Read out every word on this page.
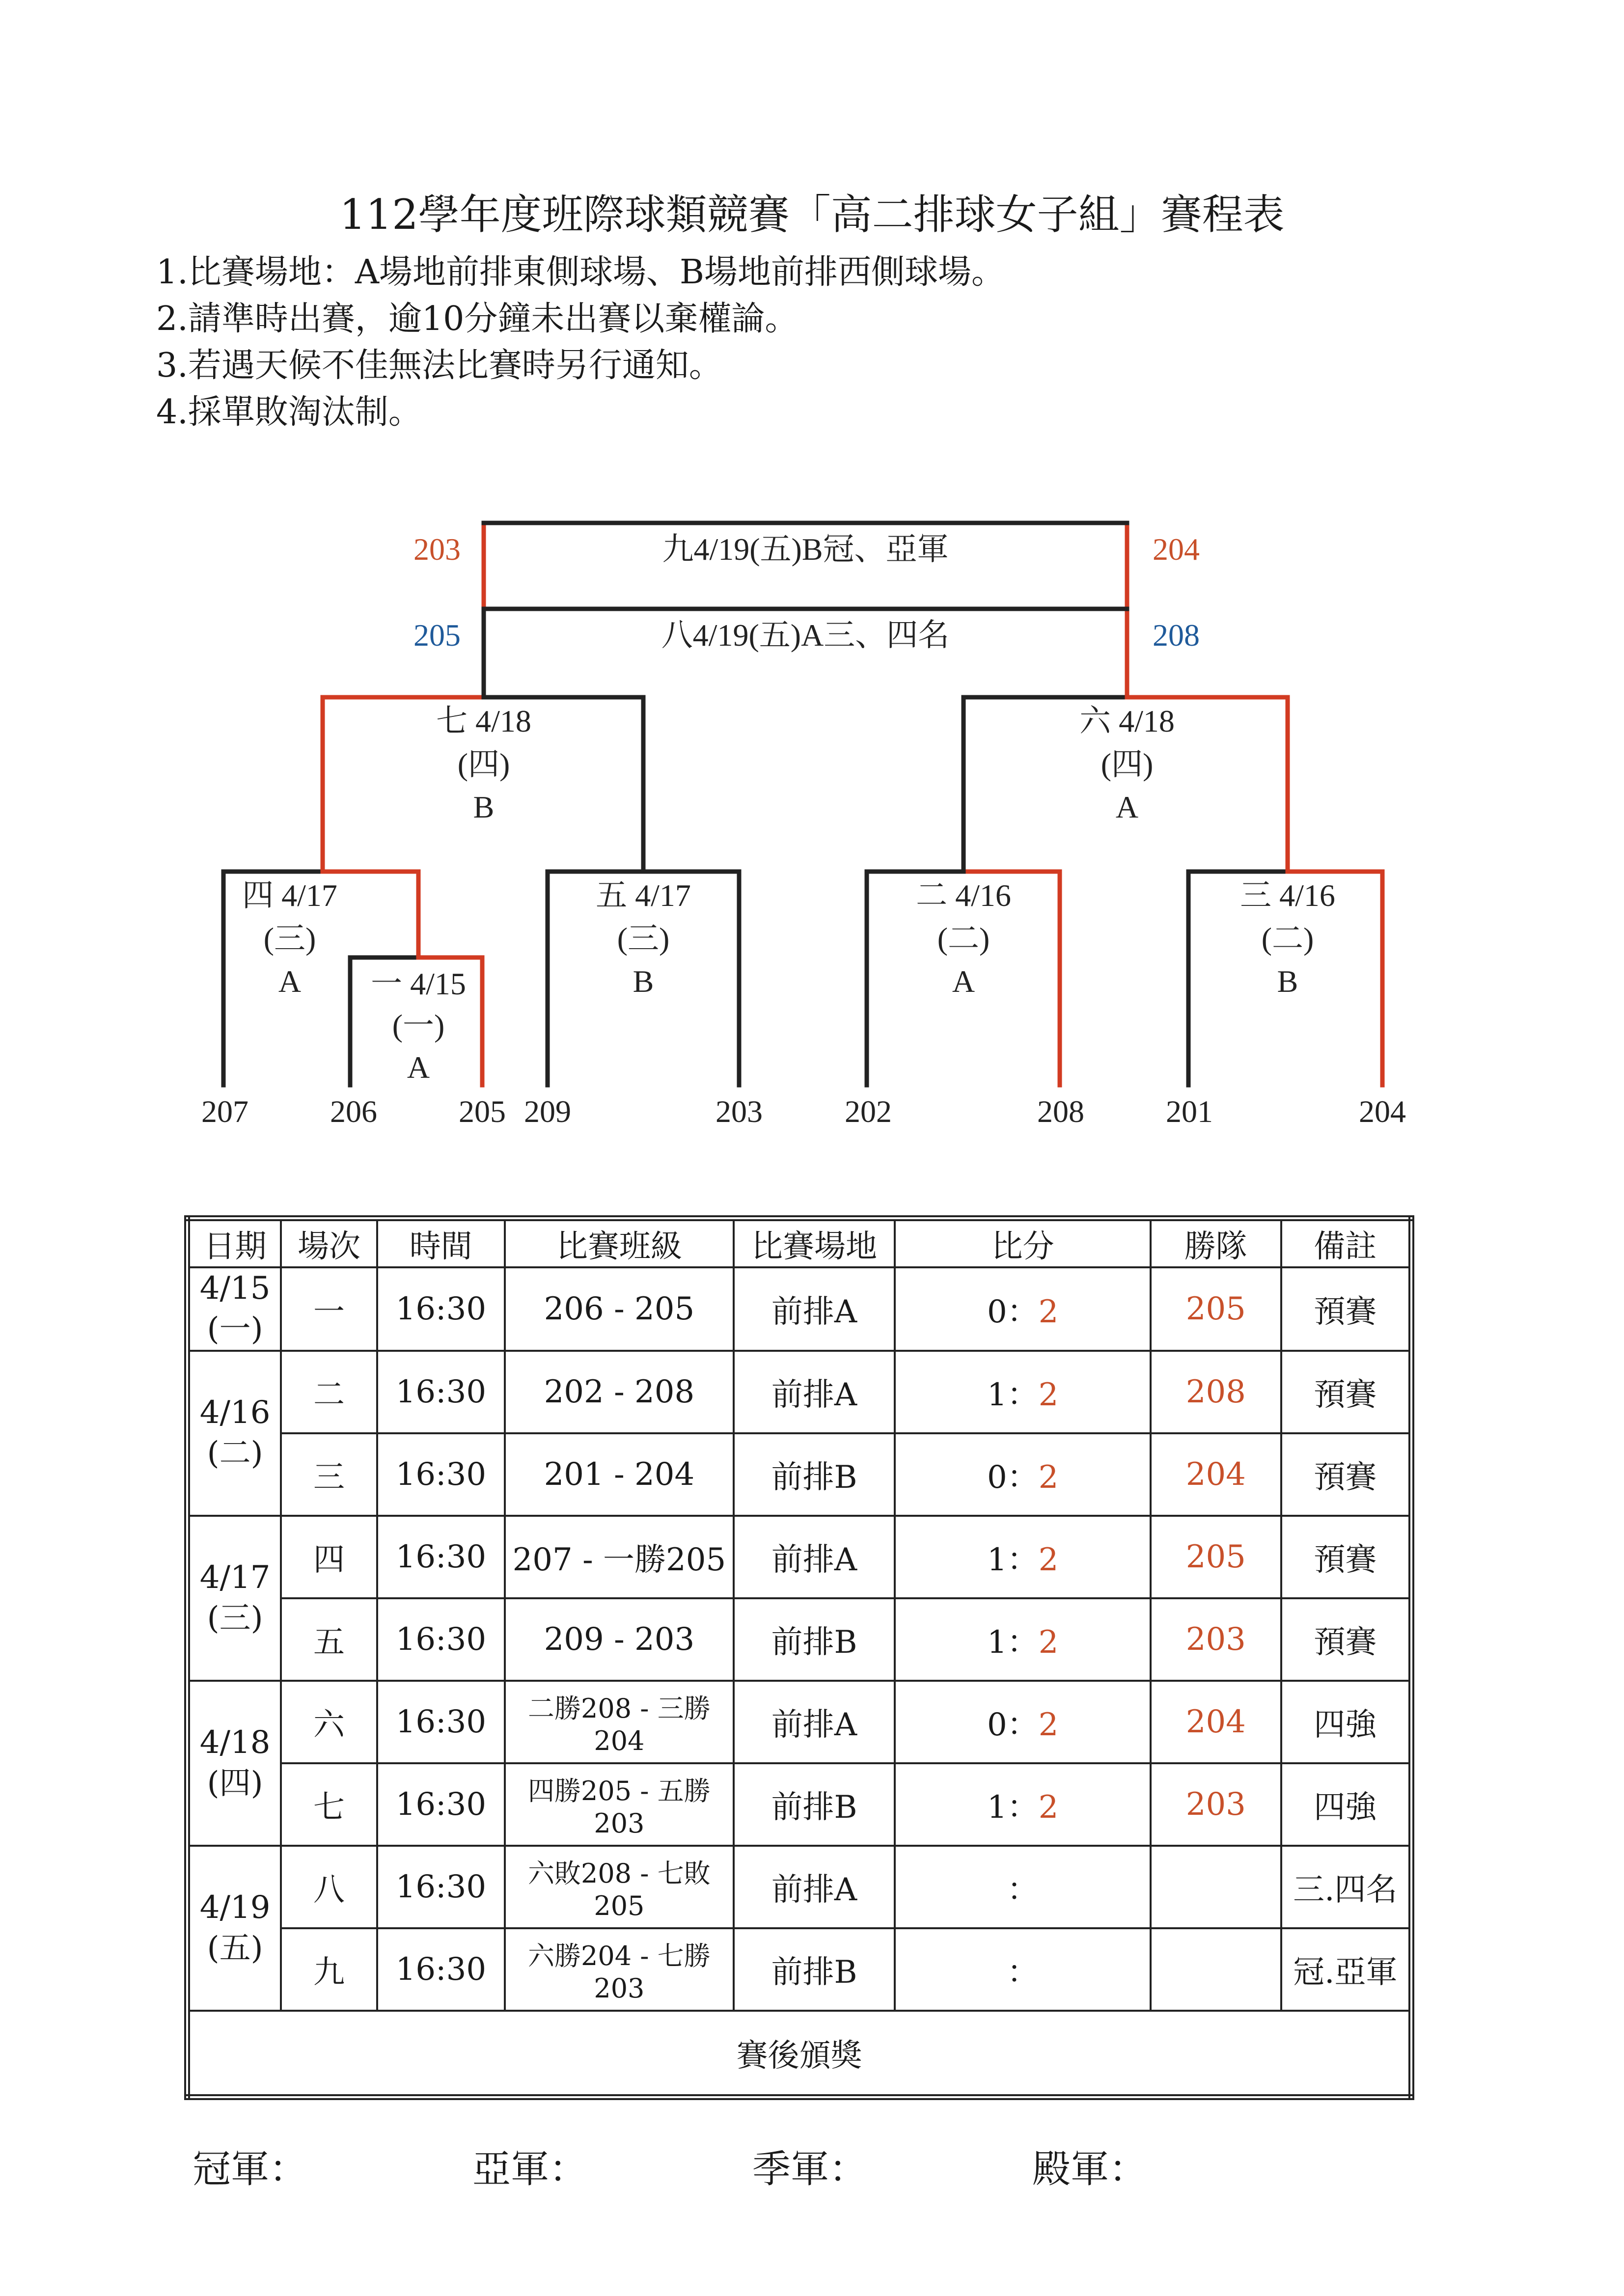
112學年度班際球類競賽「高二排球女子組」賽程表
1.比賽場地：A場地前排東側球場、B場地前排西側球場。
2.請準時出賽，逾10分鐘未出賽以棄權論。
3.若遇天候不佳無法比賽時另行通知。
4.採單敗淘汰制。
九4/19(五)B冠、亞軍
八4/19(五)A三、四名
203	204
205	208
七 4/18
(四)
B
六 4/18
(四)
A
四 4/17
(三)
A
五 4/17
(三)
B
二 4/16
(二)
A
三 4/16
(二)
B
一 4/15
(一)
A
207	206	205 209	203	202	208	201	204
日期	場次	時間	比賽班級	比賽場地	比分	勝隊	備註
4/15
(一)	一	16:30	206 - 205	前排A	0：2	205	預賽
4/16
(二)	二	16:30	202 - 208	前排A	1：2	208	預賽
	三	16:30	201 - 204	前排B	0：2	204	預賽
4/17
(三)	四	16:30	207 - 一勝205	前排A	1：2	205	預賽
	五	16:30	209 - 203	前排B	1：2	203	預賽
4/18
(四)	六	16:30	二勝208 - 三勝204	前排A	0：2	204	四強
	七	16:30	四勝205 - 五勝203	前排B	1：2	203	四強
4/19
(五)	八	16:30	六敗208 - 七敗205	前排A	：		三.四名
	九	16:30	六勝204 - 七勝203	前排B	：		冠.亞軍
賽後頒獎							
冠軍：	亞軍：	季軍：	殿軍：
